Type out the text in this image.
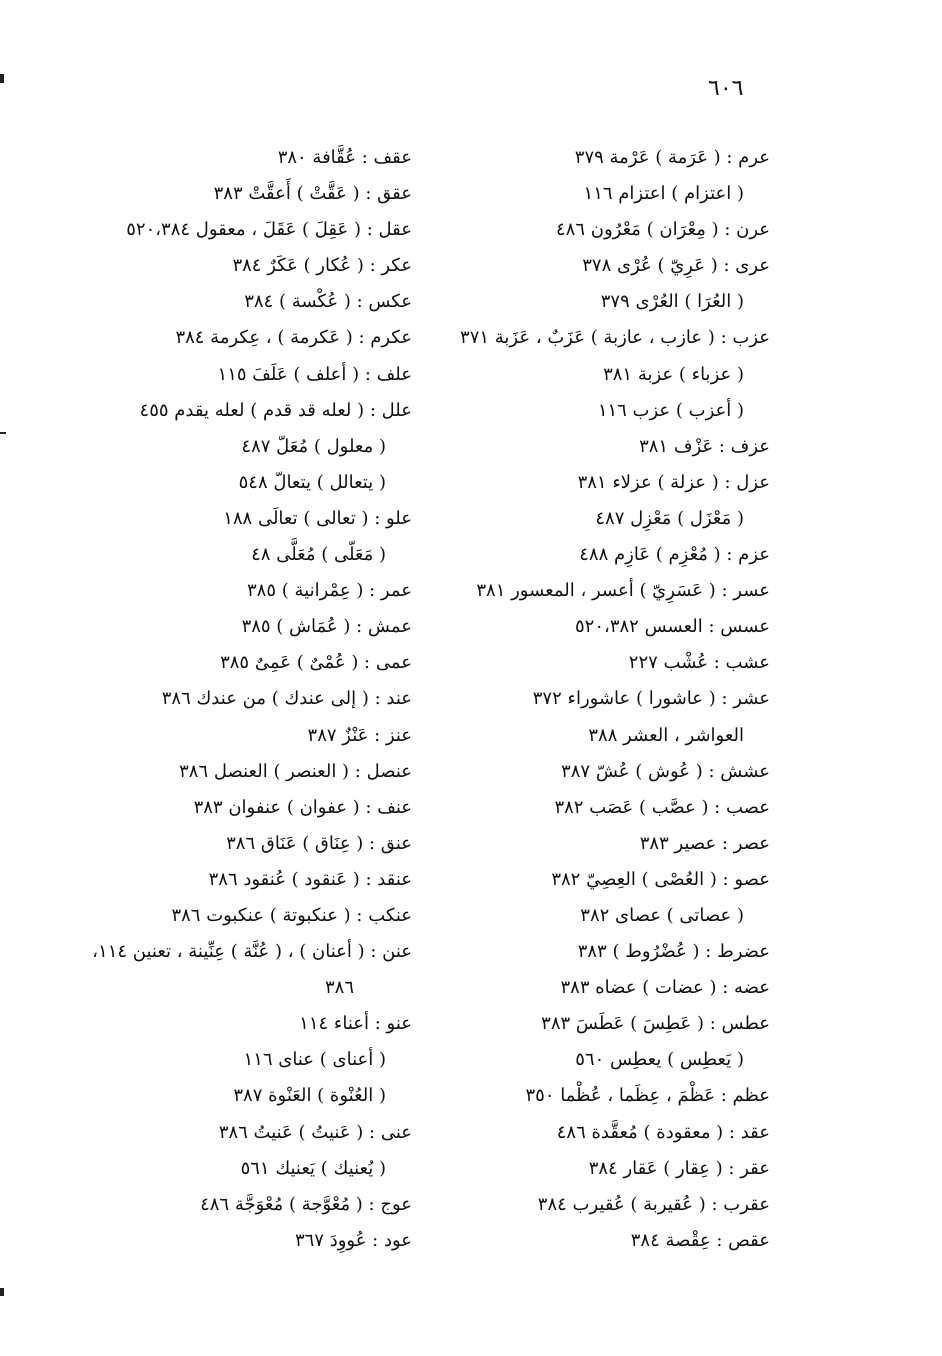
٦٠٦
عرم : ( عَرَمة ) عَرْمة ٣٧٩
( اعتزام ) اعتزام ١١٦
عرن : ( مِعْرَان ) مَعْرُون ٤٨٦
عرى : ( عَرِيّ ) عُرْى ٣٧٨
( العُرَا ) العُرْى ٣٧٩
عزب : ( عازب ، عازبة ) عَزَبٌ ، عَزَبة ٣٧١
( عزباء ) عزبة ٣٨١
( أعزب ) عزب ١١٦
عزف : عَزْف ٣٨١
عزل : ( عزلة ) عزلاء ٣٨١
( مَعْزَل ) مَعْزِل ٤٨٧
عزم : ( مُعْزِم ) عَازِم ٤٨٨
عسر : ( عَسَرِيّ ) أعسر ، المعسور ٣٨١
عسس : العسس ٥٢٠،٣٨٢
عشب : عُشْب ٢٢٧
عشر : ( عاشورا ) عاشوراء ٣٧٢
العواشر ، العشر ٣٨٨
عشش : ( عُوش ) عُشّ ٣٨٧
عصب : ( عصَّب ) عَصَب ٣٨٢
عصر : عصير ٣٨٣
عصو : ( العُصْى ) العِصِيّ ٣٨٢
( عصاتى ) عصاى ٣٨٢
عضرط : ( عُضْرُوط ) ٣٨٣
عضه : ( عضات ) عضاه ٣٨٣
عطس : ( عَطِسَ ) عَطَسَ ٣٨٣
( يَعطِس ) يعطِس ٥٦٠
عظم : عَظْمَ ، عِظَما ، عُظْما ٣٥٠
عقد : ( معقودة ) مُعقَّدة ٤٨٦
عقر : ( عِقار ) عَقار ٣٨٤
عقرب : ( عُقيربة ) عُقيرب ٣٨٤
عقص : عِقْصة ٣٨٤
عقف : عُقَّافة ٣٨٠
عقق : ( عَقَّتْ ) أَعقَّتْ ٣٨٣
عقل : ( عَقِلَ ) عَقَلَ ، معقول ٥٢٠،٣٨٤
عكر : ( عُكار ) عَكَرٌ ٣٨٤
عكس : ( عُكْسة ) ٣٨٤
عكرم : ( عَكرمة ) ، عِكرمة ٣٨٤
علف : ( أعلف ) عَلَفَ ١١٥
علل : ( لعله قد قدم ) لعله يقدم ٤٥٥
( معلول ) مُعَلّ ٤٨٧
( يتعالل ) يتعالّ ٥٤٨
علو : ( تعالى ) تعالَى ١٨٨
( مَعَلّى ) مُعَلَّى ٤٨
عمر : ( عِمْرانية ) ٣٨٥
عمش : ( عُمَاش ) ٣٨٥
عمى : ( عُمْىٌ ) عَمِىٌ ٣٨٥
عند : ( إلى عندك ) من عندك ٣٨٦
عنز : عَنْزٌ ٣٨٧
عنصل : ( العنصر ) العنصل ٣٨٦
عنف : ( عفوان ) عنفوان ٣٨٣
عنق : ( عِنَاق ) عَنَاق ٣٨٦
عنقد : ( عَنقود ) عُنقود ٣٨٦
عنكب : ( عنكبوتة ) عنكبوت ٣٨٦
عنن : ( أعنان ) ، ( عُنَّة ) عِنِّينة ، تعنين ١١٤،
٣٨٦
عنو : أعناء ١١٤
( أعناى ) عناى ١١٦
( العُنْوة ) العَنْوة ٣٨٧
عنى : ( عَنيتُ ) عَنيتُ ٣٨٦
( يُعنيك ) يَعنيك ٥٦١
عوج : ( مُعْوَّجة ) مُعْوَجَّة ٤٨٦
عود : عُووِدَ ٣٦٧
